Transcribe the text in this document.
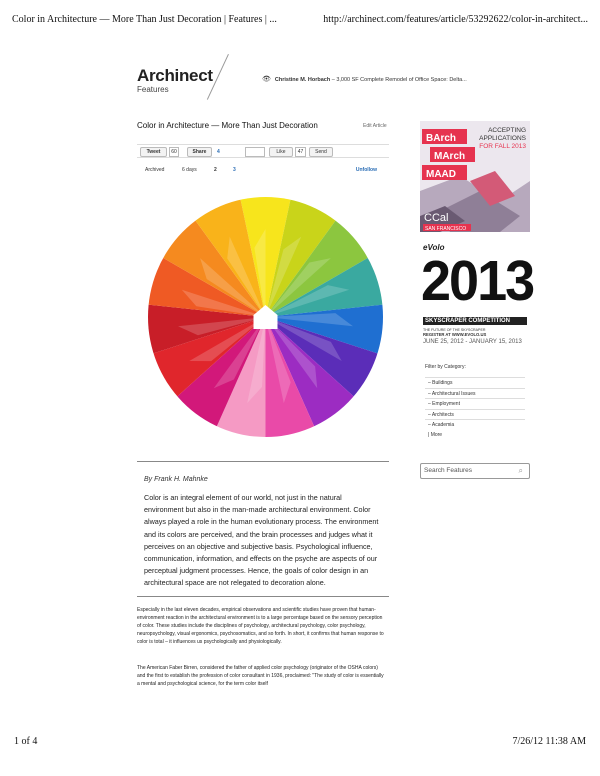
Color in Architecture — More Than Just Decoration | Features | ...	http://archinect.com/features/article/53292622/color-in-architect...
Archinect
Features
👁 Christine M. Horbach – 3,000 SF Complete Remodel of Office Space: Delta...
Color in Architecture — More Than Just Decoration	Edit Article
Tweet	60	Share	4	Like	47	Send
Archived	6 days	2	3	Unfollow
By Frank H. Mahnke
Color is an integral element of our world, not just in the natural environment but also in the man-made architectural environment. Color always played a role in the human evolutionary process. The environment and its colors are perceived, and the brain processes and judges what it perceives on an objective and subjective basis. Psychological influence, communication, information, and effects on the psyche are aspects of our perceptual judgment processes. Hence, the goals of color design in an architectural space are not relegated to decoration alone.
Especially in the last eleven decades, empirical observations and scientific studies have proven that human-environment reaction in the architectural environment is to a large percentage based on the sensory perception of color. These studies include the disciplines of psychology, architectural psychology, color psychology, neuropsychology, visual ergonomics, psychosomatics, and so forth. In short, it confirms that human response to color is total – it influences us psychologically and physiologically.
The American Faber Birren, considered the father of applied color psychology (originator of the OSHA colors) and the first to establish the profession of color consultant in 1936, proclaimed: "The study of color is essentially a mental and psychological science, for the term color itself
BArch
MArch
MAAD
ACCEPTING
APPLICATIONS
FOR FALL 2013
CCal
SAN FRANCISCO
eVolo
2013
SKYSCRAPER COMPETITION
THE FUTURE OF THE SKYSCRAPER
REGISTER AT WWW.EVOLO.US
JUNE 25, 2012 - JANUARY 15, 2013
Filter by Category:
– Buildings
– Architectural Issues
– Employment
– Architects
– Academia
| More
Search Features	⌕
1 of 4	7/26/12 11:38 AM
